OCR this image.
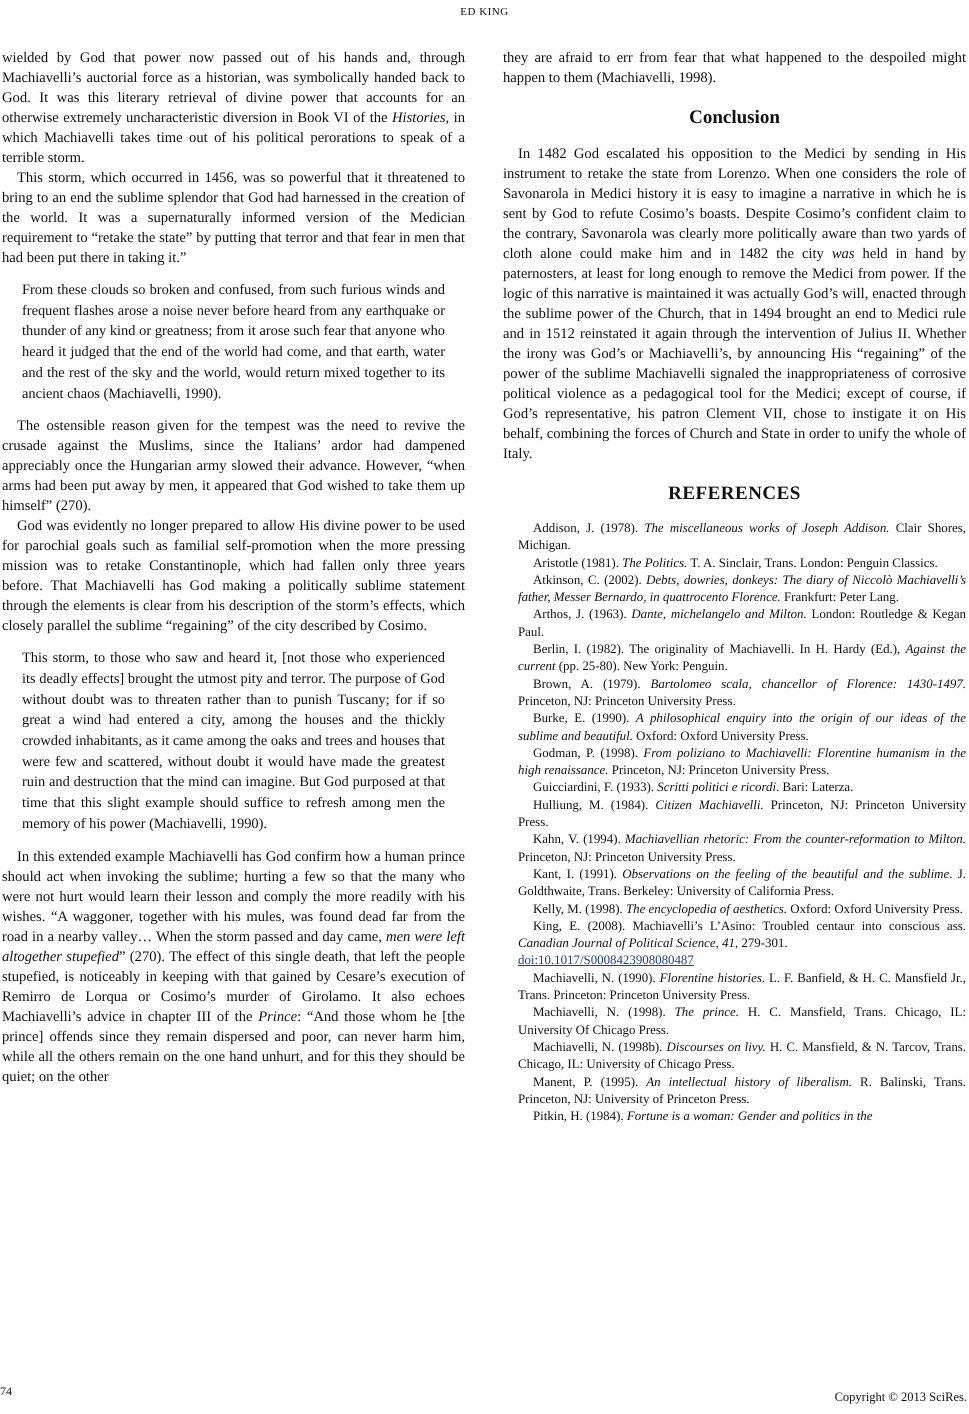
ED KING

wielded by God that power now passed out of his hands and, through Machiavelli’s auctorial force as a historian, was symbolically handed back to God. It was this literary retrieval of divine power that accounts for an otherwise extremely uncharacteristic diversion in Book VI of the Histories, in which Machiavelli takes time out of his political perorations to speak of a terrible storm.

This storm, which occurred in 1456, was so powerful that it threatened to bring to an end the sublime splendor that God had harnessed in the creation of the world. It was a supernaturally informed version of the Medician requirement to “retake the state” by putting that terror and that fear in men that had been put there in taking it.”

From these clouds so broken and confused, from such furious winds and frequent flashes arose a noise never before heard from any earthquake or thunder of any kind or greatness; from it arose such fear that anyone who heard it judged that the end of the world had come, and that earth, water and the rest of the sky and the world, would return mixed together to its ancient chaos (Machiavelli, 1990).

The ostensible reason given for the tempest was the need to revive the crusade against the Muslims, since the Italians’ ardor had dampened appreciably once the Hungarian army slowed their advance. However, “when arms had been put away by men, it appeared that God wished to take them up himself” (270).

God was evidently no longer prepared to allow His divine power to be used for parochial goals such as familial self-promotion when the more pressing mission was to retake Constantinople, which had fallen only three years before. That Machiavelli has God making a politically sublime statement through the elements is clear from his description of the storm’s effects, which closely parallel the sublime “regaining” of the city described by Cosimo.

This storm, to those who saw and heard it, [not those who experienced its deadly effects] brought the utmost pity and terror. The purpose of God without doubt was to threaten rather than to punish Tuscany; for if so great a wind had entered a city, among the houses and the thickly crowded inhabitants, as it came among the oaks and trees and houses that were few and scattered, without doubt it would have made the greatest ruin and destruction that the mind can imagine. But God purposed at that time that this slight example should suffice to refresh among men the memory of his power (Machiavelli, 1990).

In this extended example Machiavelli has God confirm how a human prince should act when invoking the sublime; hurting a few so that the many who were not hurt would learn their lesson and comply the more readily with his wishes. “A waggoner, together with his mules, was found dead far from the road in a nearby valley… When the storm passed and day came, men were left altogether stupefied” (270). The effect of this single death, that left the people stupefied, is noticeably in keeping with that gained by Cesare’s execution of Remirro de Lorqua or Cosimo’s murder of Girolamo. It also echoes Machiavelli’s advice in chapter III of the Prince: “And those whom he [the prince] offends since they remain dispersed and poor, can never harm him, while all the others remain on the one hand unhurt, and for this they should be quiet; on the other

they are afraid to err from fear that what happened to the despoiled might happen to them (Machiavelli, 1998).

Conclusion

In 1482 God escalated his opposition to the Medici by sending in His instrument to retake the state from Lorenzo. When one considers the role of Savonarola in Medici history it is easy to imagine a narrative in which he is sent by God to refute Cosimo’s boasts. Despite Cosimo’s confident claim to the contrary, Savonarola was clearly more politically aware than two yards of cloth alone could make him and in 1482 the city was held in hand by paternosters, at least for long enough to remove the Medici from power. If the logic of this narrative is maintained it was actually God’s will, enacted through the sublime power of the Church, that in 1494 brought an end to Medici rule and in 1512 reinstated it again through the intervention of Julius II. Whether the irony was God’s or Machiavelli’s, by announcing His “regaining” of the power of the sublime Machiavelli signaled the inappropriateness of corrosive political violence as a pedagogical tool for the Medici; except of course, if God’s representative, his patron Clement VII, chose to instigate it on His behalf, combining the forces of Church and State in order to unify the whole of Italy.

REFERENCES

Addison, J. (1978). The miscellaneous works of Joseph Addison. Clair Shores, Michigan.

Aristotle (1981). The Politics. T. A. Sinclair, Trans. London: Penguin Classics.

Atkinson, C. (2002). Debts, dowries, donkeys: The diary of Niccolò Machiavelli’s father, Messer Bernardo, in quattrocento Florence. Frankfurt: Peter Lang.

Arthos, J. (1963). Dante, michelangelo and Milton. London: Routledge & Kegan Paul.

Berlin, I. (1982). The originality of Machiavelli. In H. Hardy (Ed.), Against the current (pp. 25-80). New York: Penguin.

Brown, A. (1979). Bartolomeo scala, chancellor of Florence: 1430-1497. Princeton, NJ: Princeton University Press.

Burke, E. (1990). A philosophical enquiry into the origin of our ideas of the sublime and beautiful. Oxford: Oxford University Press.

Godman, P. (1998). From poliziano to Machiavelli: Florentine humanism in the high renaissance. Princeton, NJ: Princeton University Press.

Guicciardini, F. (1933). Scritti politici e ricordi. Bari: Laterza.

Hulliung, M. (1984). Citizen Machiavelli. Princeton, NJ: Princeton University Press.

Kahn, V. (1994). Machiavellian rhetoric: From the counter-reformation to Milton. Princeton, NJ: Princeton University Press.

Kant, I. (1991). Observations on the feeling of the beautiful and the sublime. J. Goldthwaite, Trans. Berkeley: University of California Press.

Kelly, M. (1998). The encyclopedia of aesthetics. Oxford: Oxford University Press.

King, E. (2008). Machiavelli’s L’Asino: Troubled centaur into conscious ass. Canadian Journal of Political Science, 41, 279-301.
doi:10.1017/S0008423908080487

Machiavelli, N. (1990). Florentine histories. L. F. Banfield, & H. C. Mansfield Jr., Trans. Princeton: Princeton University Press.

Machiavelli, N. (1998). The prince. H. C. Mansfield, Trans. Chicago, IL: University Of Chicago Press.

Machiavelli, N. (1998b). Discourses on livy. H. C. Mansfield, & N. Tarcov, Trans. Chicago, IL: University of Chicago Press.

Manent, P. (1995). An intellectual history of liberalism. R. Balinski, Trans. Princeton, NJ: University of Princeton Press.

Pitkin, H. (1984). Fortune is a woman: Gender and politics in the

74	Copyright © 2013 SciRes.
